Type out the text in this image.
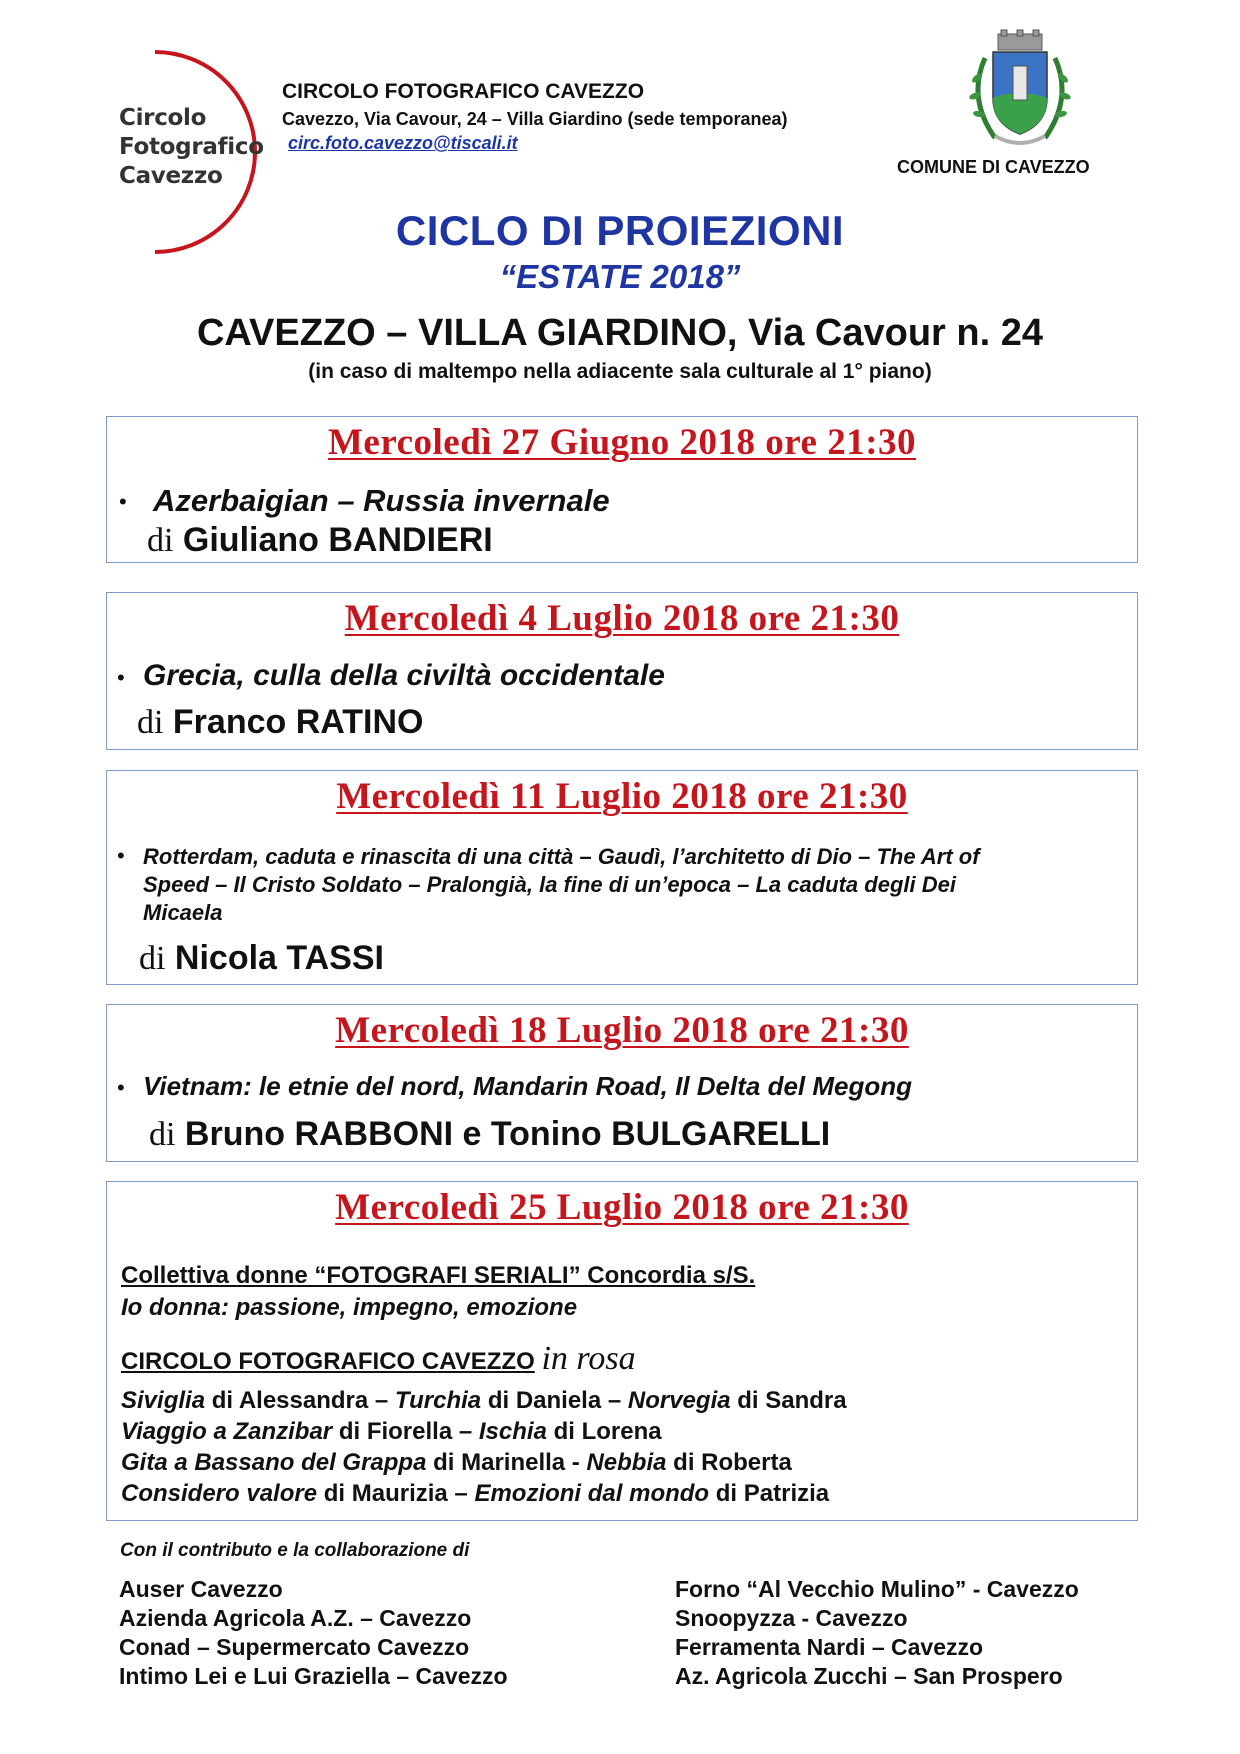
Circolo
Fotografico
Cavezzo
CIRCOLO FOTOGRAFICO CAVEZZO
Cavezzo, Via Cavour, 24 – Villa Giardino (sede temporanea)
circ.foto.cavezzo@tiscali.it
COMUNE DI CAVEZZO
CICLO DI PROIEZIONI
“ESTATE 2018”
CAVEZZO – VILLA GIARDINO, Via Cavour n. 24
(in caso di maltempo nella adiacente sala culturale al 1° piano)
Mercoledì 27 Giugno 2018 ore 21:30
• Azerbaigian – Russia invernale
di Giuliano BANDIERI
Mercoledì 4 Luglio 2018 ore 21:30
• Grecia, culla della civiltà occidentale
di Franco RATINO
Mercoledì 11 Luglio 2018 ore 21:30
• Rotterdam, caduta e rinascita di una città – Gaudì, l’architetto di Dio – The Art of
Speed – Il Cristo Soldato – Pralongià, la fine di un’epoca – La caduta degli Dei
Micaela
di Nicola TASSI
Mercoledì 18 Luglio 2018 ore 21:30
• Vietnam: le etnie del nord, Mandarin Road, Il Delta del Megong
di Bruno RABBONI e Tonino BULGARELLI
Mercoledì 25 Luglio 2018 ore 21:30
Collettiva donne “FOTOGRAFI SERIALI” Concordia s/S.
Io donna: passione, impegno, emozione
CIRCOLO FOTOGRAFICO CAVEZZO in rosa
Siviglia di Alessandra – Turchia di Daniela – Norvegia di Sandra
Viaggio a Zanzibar di Fiorella – Ischia di Lorena
Gita a Bassano del Grappa di Marinella - Nebbia di Roberta
Considero valore di Maurizia – Emozioni dal mondo di Patrizia
Con il contributo e la collaborazione di
Auser Cavezzo
Azienda Agricola A.Z. – Cavezzo
Conad – Supermercato Cavezzo
Intimo Lei e Lui Graziella – Cavezzo
Forno “Al Vecchio Mulino” - Cavezzo
Snoopyzza - Cavezzo
Ferramenta Nardi – Cavezzo
Az. Agricola Zucchi – San Prospero
